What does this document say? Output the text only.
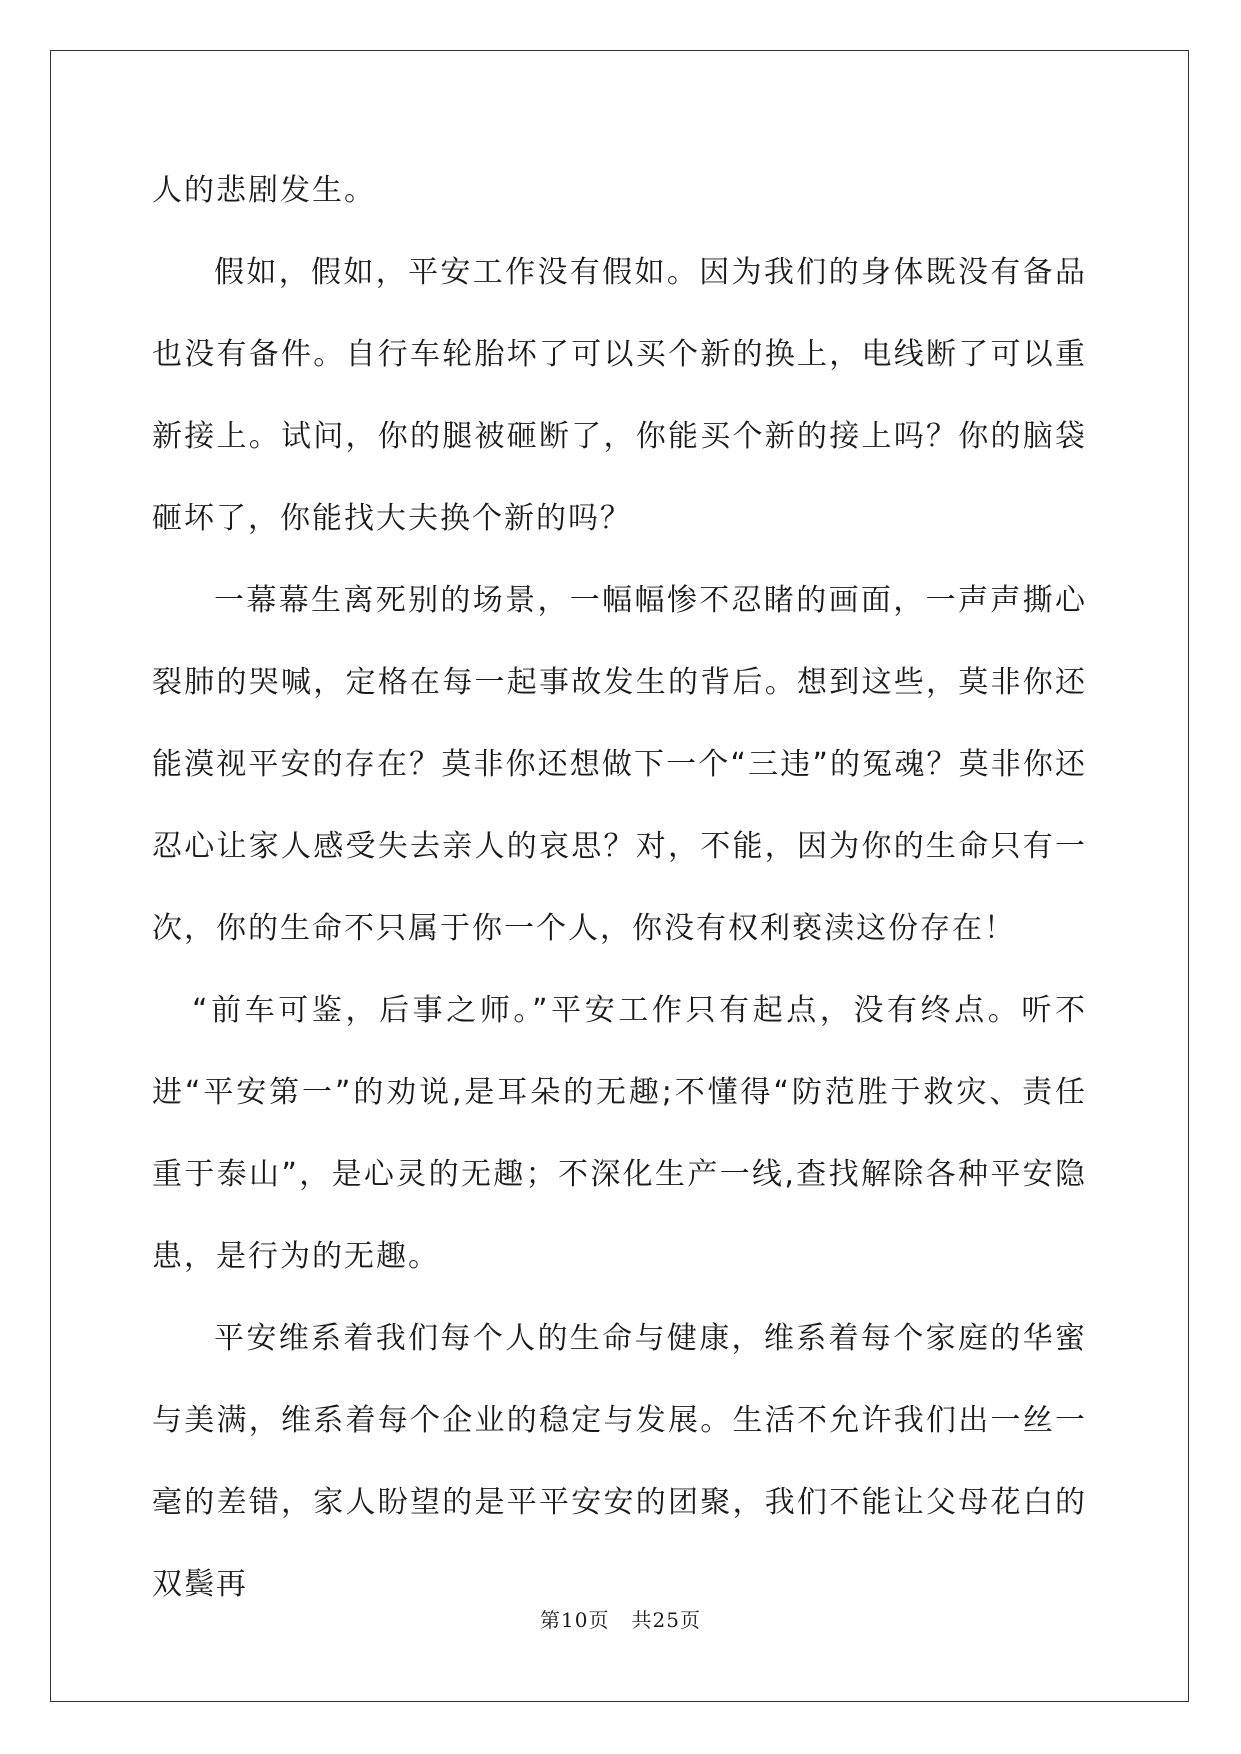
人的悲剧发生。

假如，假如，平安工作没有假如。因为我们的身体既没有备品也没有备件。自行车轮胎坏了可以买个新的换上，电线断了可以重新接上。试问，你的腿被砸断了，你能买个新的接上吗？你的脑袋砸坏了，你能找大夫换个新的吗？

一幕幕生离死别的场景，一幅幅惨不忍睹的画面，一声声撕心裂肺的哭喊，定格在每一起事故发生的背后。想到这些，莫非你还能漠视平安的存在？莫非你还想做下一个“三违”的冤魂？莫非你还忍心让家人感受失去亲人的哀思？对，不能，因为你的生命只有一次，你的生命不只属于你一个人，你没有权利亵渎这份存在！

“前车可鉴，后事之师。”平安工作只有起点，没有终点。听不进“平安第一”的劝说,是耳朵的无趣;不懂得“防范胜于救灾、责任重于泰山”，是心灵的无趣；不深化生产一线,查找解除各种平安隐患，是行为的无趣。

平安维系着我们每个人的生命与健康，维系着每个家庭的华蜜与美满，维系着每个企业的稳定与发展。生活不允许我们出一丝一毫的差错，家人盼望的是平平安安的团聚，我们不能让父母花白的双鬓再

第10页 共25页
